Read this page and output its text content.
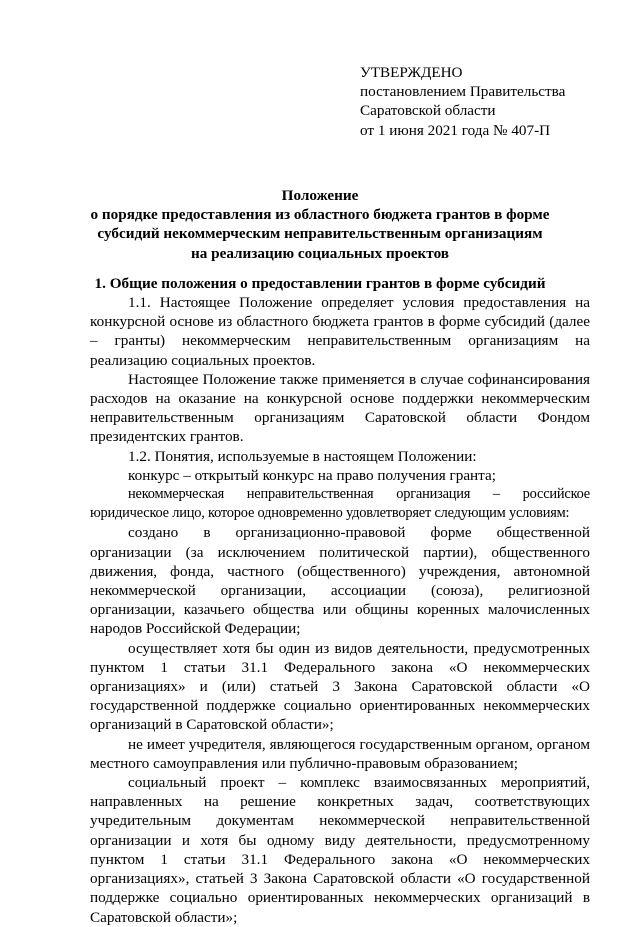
УТВЕРЖДЕНО
постановлением Правительства
Саратовской области
от 1 июня 2021 года № 407-П
Положение
о порядке предоставления из областного бюджета грантов в форме
субсидий некоммерческим неправительственным организациям
на реализацию социальных проектов
1. Общие положения о предоставлении грантов в форме субсидий

1.1. Настоящее Положение определяет условия предоставления на конкурсной основе из областного бюджета грантов в форме субсидий (далее – гранты) некоммерческим неправительственным организациям на реализацию социальных проектов.

Настоящее Положение также применяется в случае софинансирования расходов на оказание на конкурсной основе поддержки некоммерческим неправительственным организациям Саратовской области Фондом президентских грантов.

1.2. Понятия, используемые в настоящем Положении:

конкурс – открытый конкурс на право получения гранта;

некоммерческая неправительственная организация – российское юридическое лицо, которое одновременно удовлетворяет следующим условиям:

создано в организационно-правовой форме общественной организации (за исключением политической партии), общественного движения, фонда, частного (общественного) учреждения, автономной некоммерческой организации, ассоциации (союза), религиозной организации, казачьего общества или общины коренных малочисленных народов Российской Федерации;

осуществляет хотя бы один из видов деятельности, предусмотренных пунктом 1 статьи 31.1 Федерального закона «О некоммерческих организациях» и (или) статьей 3 Закона Саратовской области «О государственной поддержке социально ориентированных некоммерческих организаций в Саратовской области»;

не имеет учредителя, являющегося государственным органом, органом местного самоуправления или публично-правовым образованием;

социальный проект – комплекс взаимосвязанных мероприятий, направленных на решение конкретных задач, соответствующих учредительным документам некоммерческой неправительственной организации и хотя бы одному виду деятельности, предусмотренному пунктом 1 статьи 31.1 Федерального закона «О некоммерческих организациях», статьей 3 Закона Саратовской области «О государственной поддержке социально ориентированных некоммерческих организаций в Саратовской области»;
